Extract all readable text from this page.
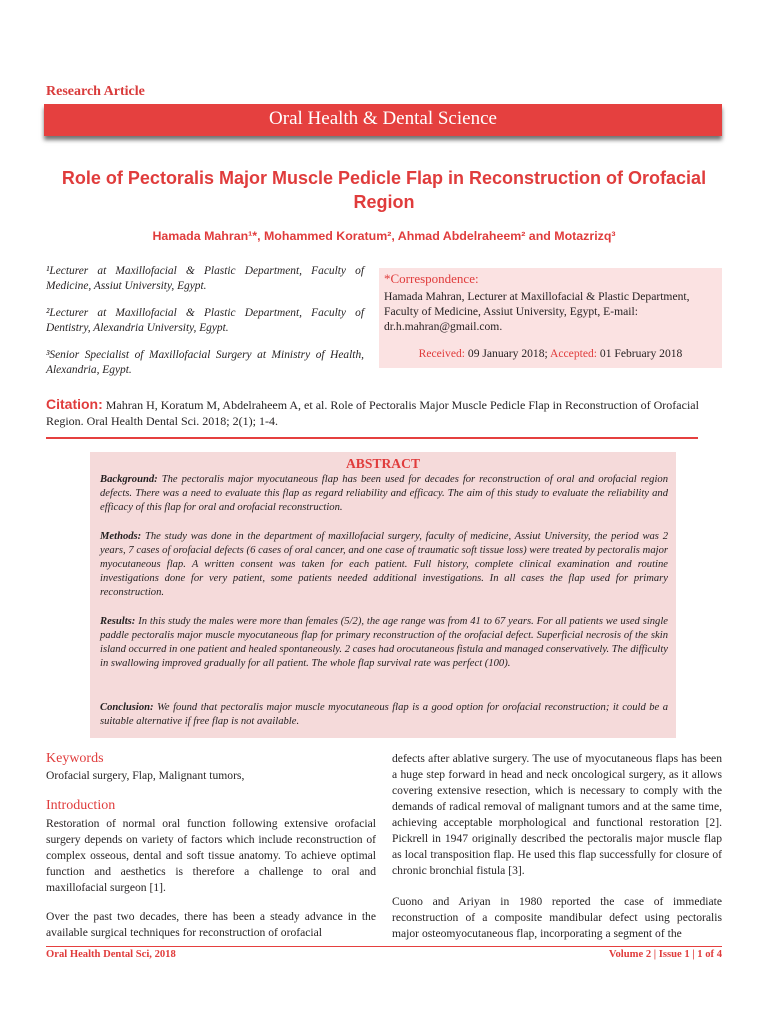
Research Article
Oral Health & Dental Science
Role of Pectoralis Major Muscle Pedicle Flap in Reconstruction of Orofacial Region
Hamada Mahran¹*, Mohammed Koratum², Ahmad Abdelraheem² and Motazrizq³
¹Lecturer at Maxillofacial & Plastic Department, Faculty of Medicine, Assiut University, Egypt.
²Lecturer at Maxillofacial & Plastic Department, Faculty of Dentistry, Alexandria University, Egypt.
³Senior Specialist of Maxillofacial Surgery at Ministry of Health, Alexandria, Egypt.
*Correspondence:
Hamada Mahran, Lecturer at Maxillofacial & Plastic Department, Faculty of Medicine, Assiut University, Egypt, E-mail: dr.h.mahran@gmail.com.
Received: 09 January 2018; Accepted: 01 February 2018
Citation: Mahran H, Koratum M, Abdelraheem A, et al. Role of Pectoralis Major Muscle Pedicle Flap in Reconstruction of Orofacial Region. Oral Health Dental Sci. 2018; 2(1); 1-4.
ABSTRACT
Background: The pectoralis major myocutaneous flap has been used for decades for reconstruction of oral and orofacial region defects. There was a need to evaluate this flap as regard reliability and efficacy. The aim of this study to evaluate the reliability and efficacy of this flap for oral and orofacial reconstruction.
Methods: The study was done in the department of maxillofacial surgery, faculty of medicine, Assiut University, the period was 2 years, 7 cases of orofacial defects (6 cases of oral cancer, and one case of traumatic soft tissue loss) were treated by pectoralis major myocutaneous flap. A written consent was taken for each patient. Full history, complete clinical examination and routine investigations done for very patient, some patients needed additional investigations. In all cases the flap used for primary reconstruction.
Results: In this study the males were more than females (5/2), the age range was from 41 to 67 years. For all patients we used single paddle pectoralis major muscle myocutaneous flap for primary reconstruction of the orofacial defect. Superficial necrosis of the skin island occurred in one patient and healed spontaneously. 2 cases had orocutaneous fistula and managed conservatively. The difficulty in swallowing improved gradually for all patient. The whole flap survival rate was perfect (100).
Conclusion: We found that pectoralis major muscle myocutaneous flap is a good option for orofacial reconstruction; it could be a suitable alternative if free flap is not available.
Keywords
Orofacial surgery, Flap, Malignant tumors,
Introduction
Restoration of normal oral function following extensive orofacial surgery depends on variety of factors which include reconstruction of complex osseous, dental and soft tissue anatomy. To achieve optimal function and aesthetics is therefore a challenge to oral and maxillofacial surgeon [1].
Over the past two decades, there has been a steady advance in the available surgical techniques for reconstruction of orofacial
defects after ablative surgery. The use of myocutaneous flaps has been a huge step forward in head and neck oncological surgery, as it allows covering extensive resection, which is necessary to comply with the demands of radical removal of malignant tumors and at the same time, achieving acceptable morphological and functional restoration [2]. Pickrell in 1947 originally described the pectoralis major muscle flap as local transposition flap. He used this flap successfully for closure of chronic bronchial fistula [3].
Cuono and Ariyan in 1980 reported the case of immediate reconstruction of a composite mandibular defect using pectoralis major osteomyocutaneous flap, incorporating a segment of the
Oral Health Dental Sci, 2018	Volume 2 | Issue 1 | 1 of 4
